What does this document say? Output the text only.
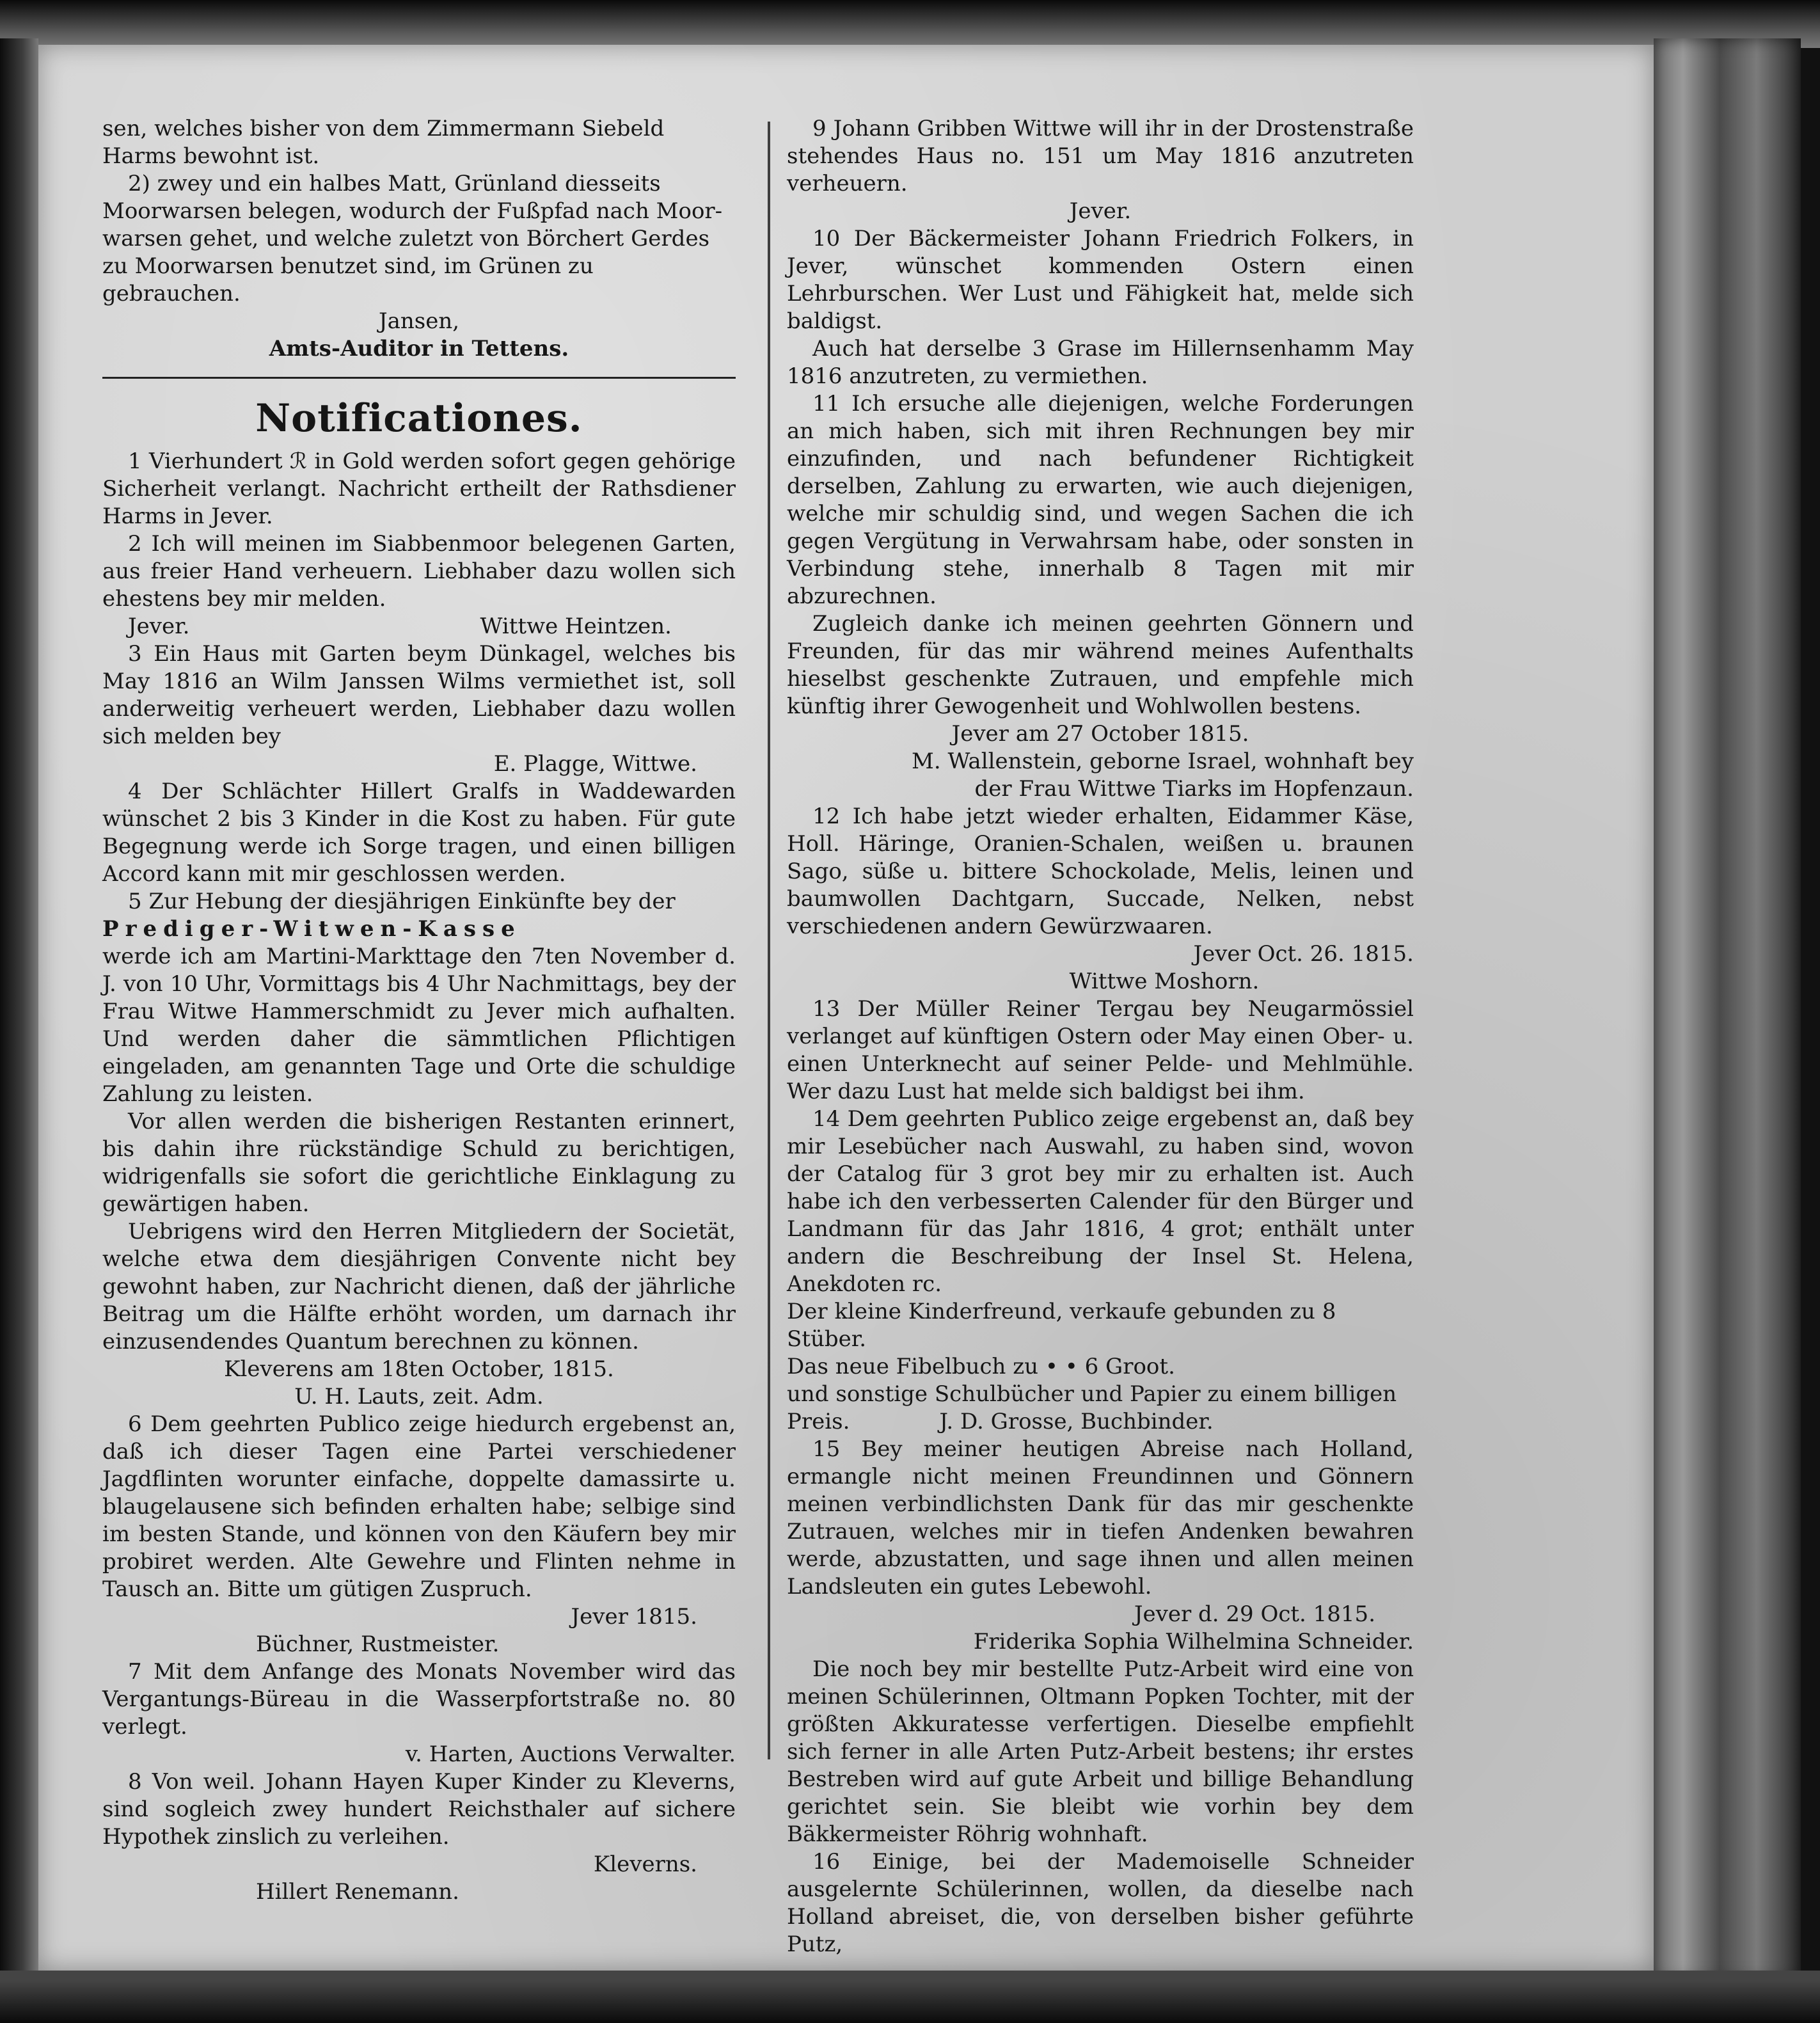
sen, welches bisher von dem Zimmermann Siebeld

Harms bewohnt ist.

2) zwey und ein halbes Matt, Grünland diesseits

Moorwarsen belegen, wodurch der Fußpfad nach Moor-

warsen gehet, und welche zuletzt von Börchert Gerdes

zu Moorwarsen benutzet sind, im Grünen zu gebrauchen.

Jansen,

Amts-Auditor in Tettens.

Notificationes.

1 Vierhundert ℛ in Gold werden sofort gegen gehörige Sicherheit verlangt. Nachricht ertheilt der Rathsdiener Harms in Jever.

2 Ich will meinen im Siabbenmoor belegenen Garten, aus freier Hand verheuern. Liebhaber dazu wollen sich ehestens bey mir melden.

Jever.	Wittwe Heintzen.

3 Ein Haus mit Garten beym Dünkagel, welches bis May 1816 an Wilm Janssen Wilms vermiethet ist, soll anderweitig verheuert werden, Liebhaber dazu wollen sich melden bey

E. Plagge, Wittwe.

4 Der Schlächter Hillert Gralfs in Waddewarden wünschet 2 bis 3 Kinder in die Kost zu haben. Für gute Begegnung werde ich Sorge tragen, und einen billigen Accord kann mit mir geschlossen werden.

5 Zur Hebung der diesjährigen Einkünfte bey der

Prediger-Witwen-Kasse

werde ich am Martini-Markttage den 7ten November d. J. von 10 Uhr, Vormittags bis 4 Uhr Nachmittags, bey der Frau Witwe Hammerschmidt zu Jever mich aufhalten. Und werden daher die sämmtlichen Pflichtigen eingeladen, am genannten Tage und Orte die schuldige Zahlung zu leisten.

Vor allen werden die bisherigen Restanten erinnert, bis dahin ihre rückständige Schuld zu berichtigen, widrigenfalls sie sofort die gerichtliche Einklagung zu gewärtigen haben.

Uebrigens wird den Herren Mitgliedern der Societät, welche etwa dem diesjährigen Convente nicht bey gewohnt haben, zur Nachricht dienen, daß der jährliche Beitrag um die Hälfte erhöht worden, um darnach ihr einzusendendes Quantum berechnen zu können.

Kleverens am 18ten October, 1815.

U. H. Lauts, zeit. Adm.

6 Dem geehrten Publico zeige hiedurch ergebenst an, daß ich dieser Tagen eine Partei verschiedener Jagdflinten worunter einfache, doppelte damassirte u. blaugelausene sich befinden erhalten habe; selbige sind im besten Stande, und können von den Käufern bey mir probiret werden. Alte Gewehre und Flinten nehme in Tausch an. Bitte um gütigen Zuspruch.

Jever 1815.

Büchner, Rustmeister.

7 Mit dem Anfange des Monats November wird das Vergantungs-Büreau in die Wasserpfortstraße no. 80 verlegt.

v. Harten, Auctions Verwalter.

8 Von weil. Johann Hayen Kuper Kinder zu Kleverns, sind sogleich zwey hundert Reichsthaler auf sichere Hypothek zinslich zu verleihen.

Kleverns.

Hillert Renemann.

9 Johann Gribben Wittwe will ihr in der Drostenstraße stehendes Haus no. 151 um May 1816 anzutreten verheuern.

Jever.

10 Der Bäckermeister Johann Friedrich Folkers, in Jever, wünschet kommenden Ostern einen Lehrburschen. Wer Lust und Fähigkeit hat, melde sich baldigst.

Auch hat derselbe 3 Grase im Hillernsenhamm May 1816 anzutreten, zu vermiethen.

11 Ich ersuche alle diejenigen, welche Forderungen an mich haben, sich mit ihren Rechnungen bey mir einzufinden, und nach befundener Richtigkeit derselben, Zahlung zu erwarten, wie auch diejenigen, welche mir schuldig sind, und wegen Sachen die ich gegen Vergütung in Verwahrsam habe, oder sonsten in Verbindung stehe, innerhalb 8 Tagen mit mir abzurechnen.

Zugleich danke ich meinen geehrten Gönnern und Freunden, für das mir während meines Aufenthalts hieselbst geschenkte Zutrauen, und empfehle mich künftig ihrer Gewogenheit und Wohlwollen bestens.

Jever am 27 October 1815.

M. Wallenstein, geborne Israel, wohnhaft bey

der Frau Wittwe Tiarks im Hopfenzaun.

12 Ich habe jetzt wieder erhalten, Eidammer Käse, Holl. Häringe, Oranien-Schalen, weißen u. braunen Sago, süße u. bittere Schockolade, Melis, leinen und baumwollen Dachtgarn, Succade, Nelken, nebst verschiedenen andern Gewürzwaaren.

Jever Oct. 26. 1815.

Wittwe Moshorn.

13 Der Müller Reiner Tergau bey Neugarmössiel verlanget auf künftigen Ostern oder May einen Ober- u. einen Unterknecht auf seiner Pelde- und Mehlmühle. Wer dazu Lust hat melde sich baldigst bei ihm.

14 Dem geehrten Publico zeige ergebenst an, daß bey mir Lesebücher nach Auswahl, zu haben sind, wovon der Catalog für 3 grot bey mir zu erhalten ist. Auch habe ich den verbesserten Calender für den Bürger und Landmann für das Jahr 1816, 4 grot; enthält unter andern die Beschreibung der Insel St. Helena, Anekdoten rc.

Der kleine Kinderfreund, verkaufe gebunden zu 8 Stüber.

Das neue Fibelbuch zu • • 6 Groot.

und sonstige Schulbücher und Papier zu einem billigen

Preis.	J. D. Grosse, Buchbinder.

15 Bey meiner heutigen Abreise nach Holland, ermangle nicht meinen Freundinnen und Gönnern meinen verbindlichsten Dank für das mir geschenkte Zutrauen, welches mir in tiefen Andenken bewahren werde, abzustatten, und sage ihnen und allen meinen Landsleuten ein gutes Lebewohl.

Jever d. 29 Oct. 1815.

Friderika Sophia Wilhelmina Schneider.

Die noch bey mir bestellte Putz-Arbeit wird eine von meinen Schülerinnen, Oltmann Popken Tochter, mit der größten Akkuratesse verfertigen. Dieselbe empfiehlt sich ferner in alle Arten Putz-Arbeit bestens; ihr erstes Bestreben wird auf gute Arbeit und billige Behandlung gerichtet sein. Sie bleibt wie vorhin bey dem Bäkkermeister Röhrig wohnhaft.

16 Einige, bei der Mademoiselle Schneider ausgelernte Schülerinnen, wollen, da dieselbe nach Holland abreiset, die, von derselben bisher geführte Putz,
